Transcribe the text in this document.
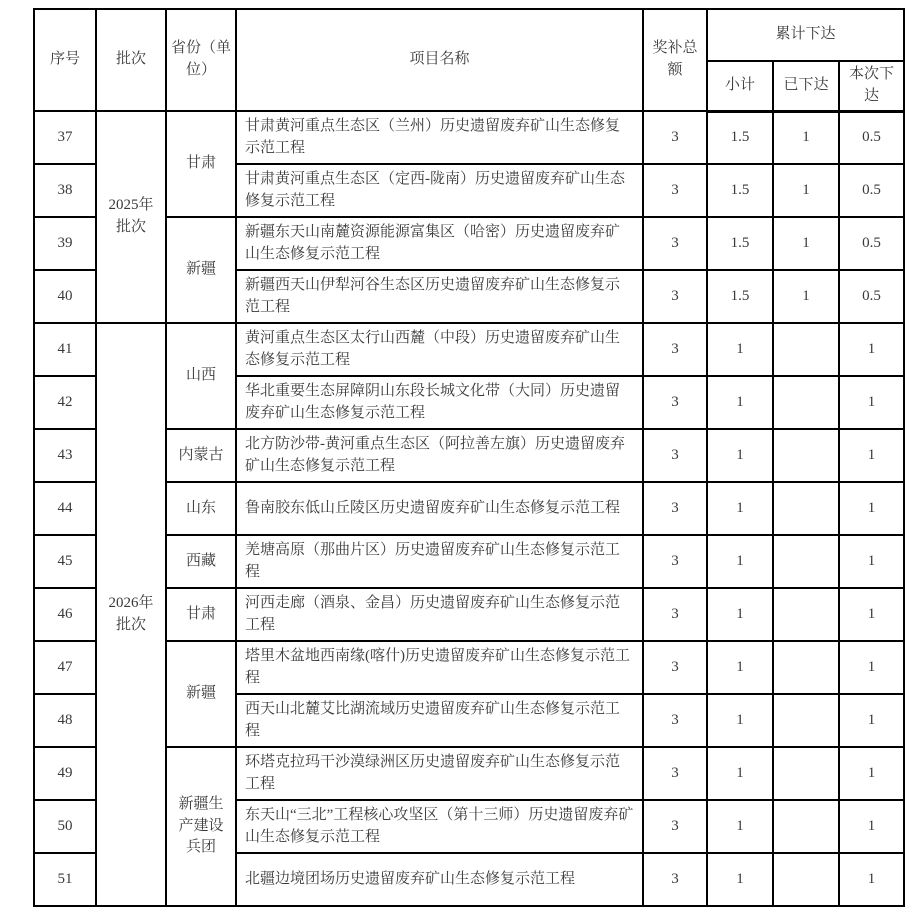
序号	批次	省份（单位）	项目名称	奖补总额	累计下达		
					小计	已下达	本次下达
37	2025年批次	甘肃	甘肃黄河重点生态区（兰州）历史遗留废弃矿山生态修复示范工程	3	1.5	1	0.5
38			甘肃黄河重点生态区（定西-陇南）历史遗留废弃矿山生态修复示范工程	3	1.5	1	0.5
39		新疆	新疆东天山南麓资源能源富集区（哈密）历史遗留废弃矿山生态修复示范工程	3	1.5	1	0.5
40			新疆西天山伊犁河谷生态区历史遗留废弃矿山生态修复示范工程	3	1.5	1	0.5
41	2026年批次	山西	黄河重点生态区太行山西麓（中段）历史遗留废弃矿山生态修复示范工程	3	1		1
42			华北重要生态屏障阴山东段长城文化带（大同）历史遗留废弃矿山生态修复示范工程	3	1		1
43		内蒙古	北方防沙带-黄河重点生态区（阿拉善左旗）历史遗留废弃矿山生态修复示范工程	3	1		1
44		山东	鲁南胶东低山丘陵区历史遗留废弃矿山生态修复示范工程	3	1		1
45		西藏	羌塘高原（那曲片区）历史遗留废弃矿山生态修复示范工程	3	1		1
46		甘肃	河西走廊（酒泉、金昌）历史遗留废弃矿山生态修复示范工程	3	1		1
47		新疆	塔里木盆地西南缘(喀什)历史遗留废弃矿山生态修复示范工程	3	1		1
48			西天山北麓艾比湖流域历史遗留废弃矿山生态修复示范工程	3	1		1
49		新疆生产建设兵团	环塔克拉玛干沙漠绿洲区历史遗留废弃矿山生态修复示范工程	3	1		1
50			东天山“三北”工程核心攻坚区（第十三师）历史遗留废弃矿山生态修复示范工程	3	1		1
51			北疆边境团场历史遗留废弃矿山生态修复示范工程	3	1		1
